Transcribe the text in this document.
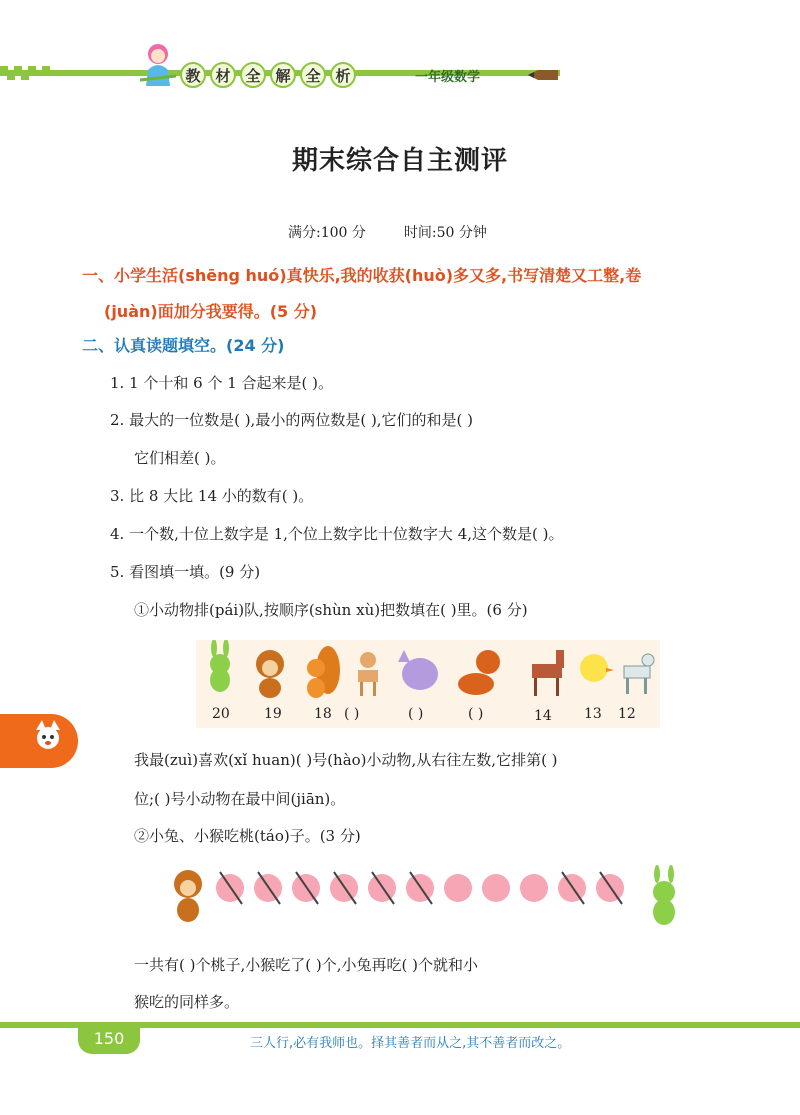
教 材 全 解 全 析	一年级数学
期末综合自主测评
满分:100 分	时间:50 分钟
一、小学生活(shēng huó)真快乐,我的收获(huò)多又多,书写清楚又工整,卷
(juàn)面加分我要得。(5 分)
二、认真读题填空。(24 分)
1. 1 个十和 6 个 1 合起来是( )。
2. 最大的一位数是( ),最小的两位数是( ),它们的和是( )
它们相差( )。
3. 比 8 大比 14 小的数有( )。
4. 一个数,十位上数字是 1,个位上数字比十位数字大 4,这个数是( )。
5. 看图填一填。(9 分)
①小动物排(pái)队,按顺序(shùn xù)把数填在( )里。(6 分)
20 19 18 ( )	( )	( )	14 13 12
我最(zuì)喜欢(xǐ huan)( )号(hào)小动物,从右往左数,它排第( )
位;( )号小动物在最中间(jiān)。
②小兔、小猴吃桃(táo)子。(3 分)
一共有( )个桃子,小猴吃了( )个,小兔再吃( )个就和小
猴吃的同样多。
150	三人行,必有我师也。择其善者而从之,其不善者而改之。
